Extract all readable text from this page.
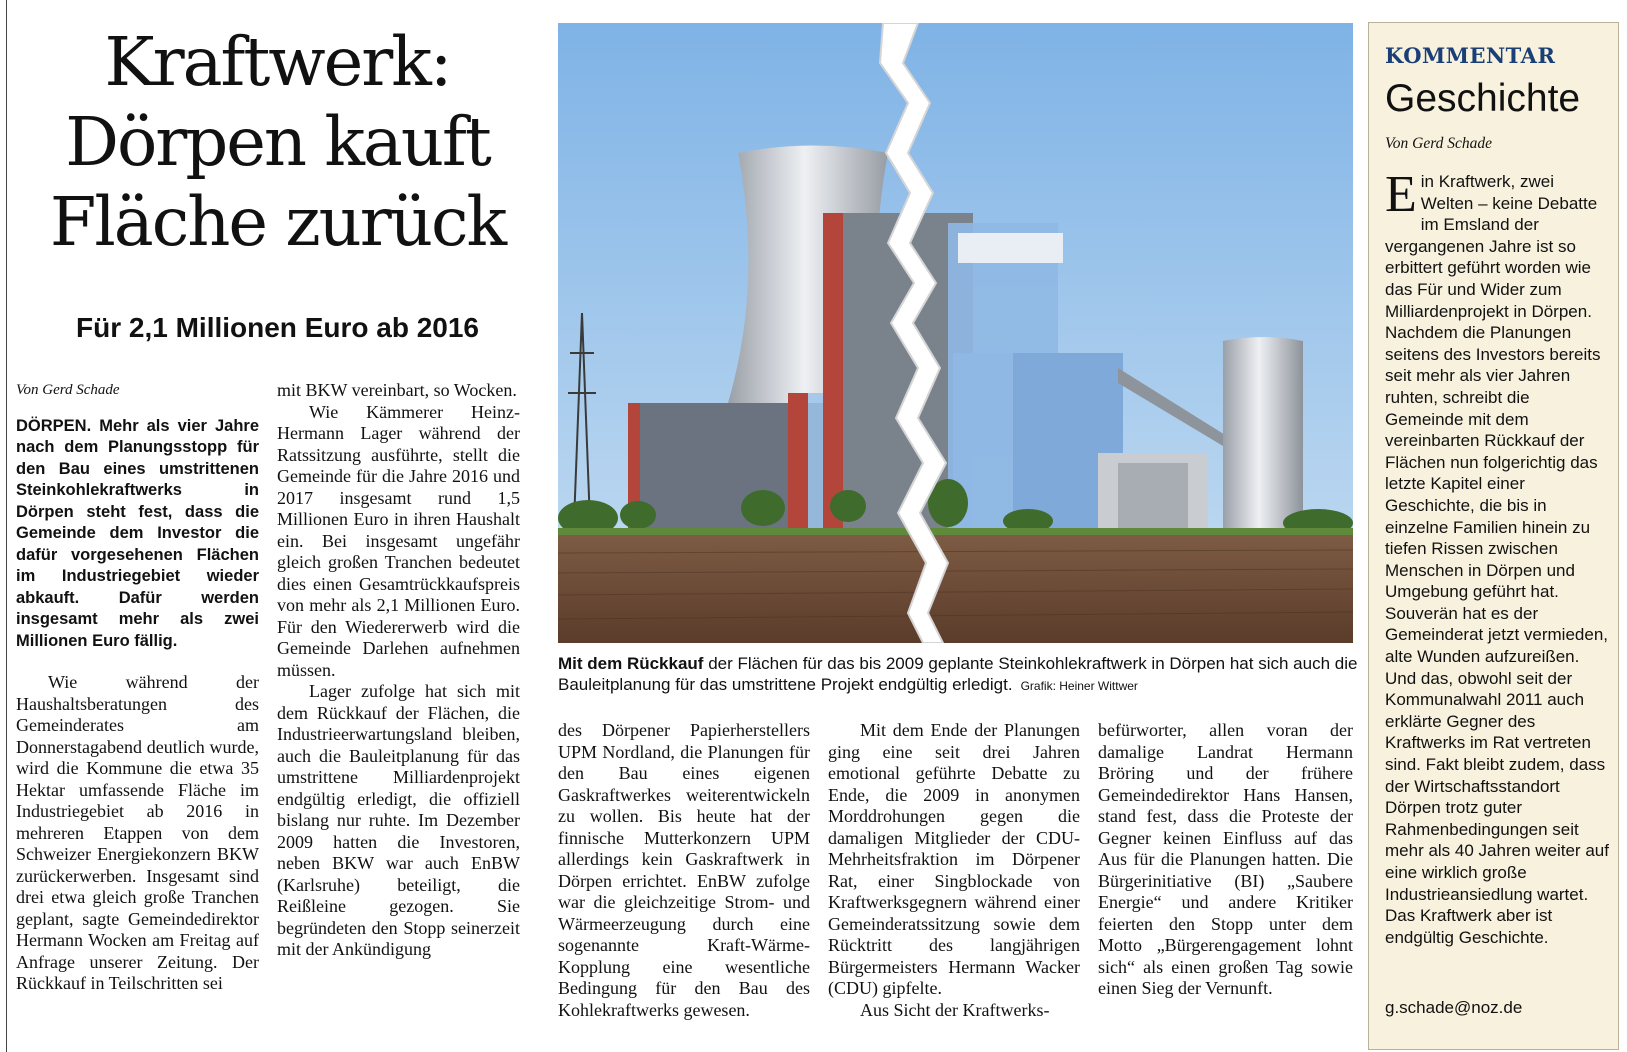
Kraftwerk:
Dörpen kauft
Fläche zurück
Für 2,1 Millionen Euro ab 2016

Von Gerd Schade

DÖRPEN. Mehr als vier Jahre nach dem Planungsstopp für den Bau eines umstrittenen Steinkohlekraftwerks in Dörpen steht fest, dass die Gemeinde dem Investor die dafür vorgesehenen Flächen im Industriegebiet wieder abkauft. Dafür werden insgesamt mehr als zwei Millionen Euro fällig.

Wie während der Haushaltsberatungen des Gemeinderates am Donnerstagabend deutlich wurde, wird die Kommune die etwa 35 Hektar umfassende Fläche im Industriegebiet ab 2016 in mehreren Etappen von dem Schweizer Energiekonzern BKW zurückerwerben. Insgesamt sind drei etwa gleich große Tranchen geplant, sagte Gemeindedirektor Hermann Wocken am Freitag auf Anfrage unserer Zeitung. Der Rückkauf in Teilschritten sei

mit BKW vereinbart, so Wocken.

Wie Kämmerer Heinz-Hermann Lager während der Ratssitzung ausführte, stellt die Gemeinde für die Jahre 2016 und 2017 insgesamt rund 1,5 Millionen Euro in ihren Haushalt ein. Bei insgesamt ungefähr gleich großen Tranchen bedeutet dies einen Gesamtrückkaufspreis von mehr als 2,1 Millionen Euro. Für den Wiedererwerb wird die Gemeinde Darlehen aufnehmen müssen.

Lager zufolge hat sich mit dem Rückkauf der Flächen, die Industrieerwartungsland bleiben, auch die Bauleitplanung für das umstrittene Milliardenprojekt endgültig erledigt, die offiziell bislang nur ruhte. Im Dezember 2009 hatten die Investoren, neben BKW war auch EnBW (Karlsruhe) beteiligt, die Reißleine gezogen. Sie begründeten den Stopp seinerzeit mit der Ankündigung

Mit dem Rückkauf der Flächen für das bis 2009 geplante Steinkohlekraftwerk in Dörpen hat sich auch die Bauleitplanung für das umstrittene Projekt endgültig erledigt. Grafik: Heiner Wittwer

des Dörpener Papierherstellers UPM Nordland, die Planungen für den Bau eines eigenen Gaskraftwerkes weiterentwickeln zu wollen. Bis heute hat der finnische Mutterkonzern UPM allerdings kein Gaskraftwerk in Dörpen errichtet. EnBW zufolge war die gleichzeitige Strom- und Wärmeerzeugung durch eine sogenannte Kraft-Wärme-Kopplung eine wesentliche Bedingung für den Bau des Kohlekraftwerks gewesen.

Mit dem Ende der Planungen ging eine seit drei Jahren emotional geführte Debatte zu Ende, die 2009 in anonymen Morddrohungen gegen die damaligen Mitglieder der CDU-Mehrheitsfraktion im Dörpener Rat, einer Singblockade von Kraftwerksgegnern während einer Gemeinderatssitzung sowie dem Rücktritt des langjährigen Bürgermeisters Hermann Wacker (CDU) gipfelte.

Aus Sicht der Kraftwerks-

befürworter, allen voran der damalige Landrat Hermann Bröring und der frühere Gemeindedirektor Hans Hansen, stand fest, dass die Proteste der Gegner keinen Einfluss auf das Aus für die Planungen hatten. Die Bürgerinitiative (BI) „Saubere Energie“ und andere Kritiker feierten den Stopp unter dem Motto „Bürgerengagement lohnt sich“ als einen großen Tag sowie einen Sieg der Vernunft.

KOMMENTAR
Geschichte
Von Gerd Schade
Ein Kraftwerk, zwei Welten – keine Debatte im Emsland der vergangenen Jahre ist so erbittert geführt worden wie das Für und Wider zum Milliardenprojekt in Dörpen. Nachdem die Planungen seitens des Investors bereits seit mehr als vier Jahren ruhten, schreibt die Gemeinde mit dem vereinbarten Rückkauf der Flächen nun folgerichtig das letzte Kapitel einer Geschichte, die bis in einzelne Familien hinein zu tiefen Rissen zwischen Menschen in Dörpen und Umgebung geführt hat. Souverän hat es der Gemeinderat jetzt vermieden, alte Wunden aufzureißen. Und das, obwohl seit der Kommunalwahl 2011 auch erklärte Gegner des Kraftwerks im Rat vertreten sind. Fakt bleibt zudem, dass der Wirtschaftsstandort Dörpen trotz guter Rahmenbedingungen seit mehr als 40 Jahren weiter auf eine wirklich große Industrieansiedlung wartet. Das Kraftwerk aber ist endgültig Geschichte.
g.schade@noz.de
